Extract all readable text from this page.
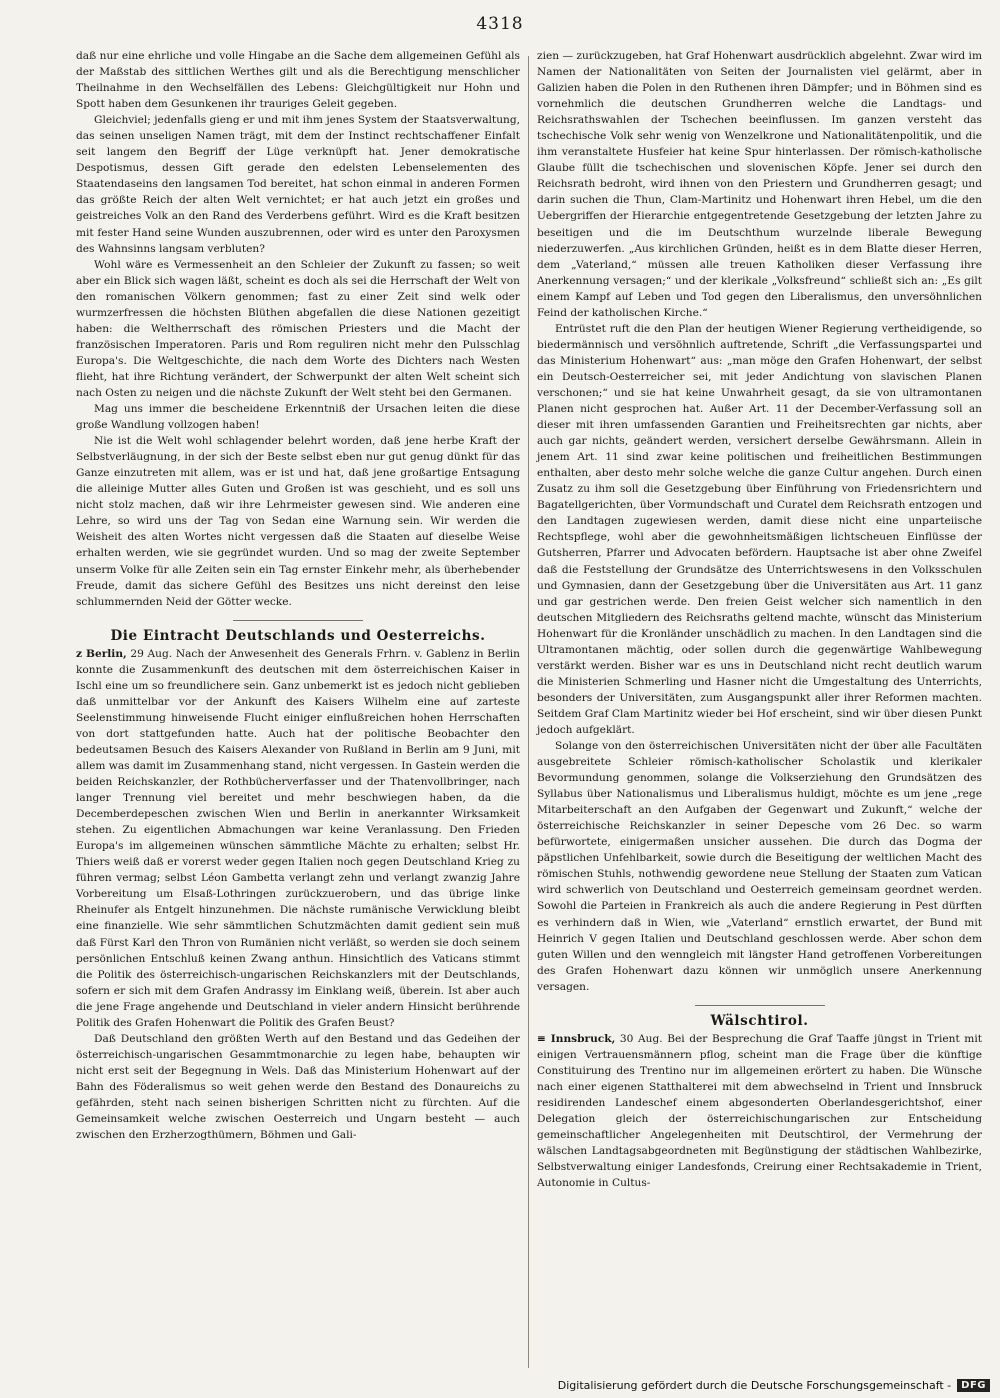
4318

daß nur eine ehrliche und volle Hingabe an die Sache dem allgemeinen Gefühl als der Maßstab des sittlichen Werthes gilt und als die Berechtigung menschlicher Theilnahme in den Wechselfällen des Lebens: Gleichgültigkeit nur Hohn und Spott haben dem Gesunkenen ihr trauriges Geleit gegeben.

Gleichviel; jedenfalls gieng er und mit ihm jenes System der Staatsverwaltung, das seinen unseligen Namen trägt, mit dem der Instinct rechtschaffener Einfalt seit langem den Begriff der Lüge verknüpft hat. Jener demokratische Despotismus, dessen Gift gerade den edelsten Lebenselementen des Staatendaseins den langsamen Tod bereitet, hat schon einmal in anderen Formen das größte Reich der alten Welt vernichtet; er hat auch jetzt ein großes und geistreiches Volk an den Rand des Verderbens geführt. Wird es die Kraft besitzen mit fester Hand seine Wunden auszubrennen, oder wird es unter den Paroxysmen des Wahnsinns langsam verbluten?

Wohl wäre es Vermessenheit an den Schleier der Zukunft zu fassen; so weit aber ein Blick sich wagen läßt, scheint es doch als sei die Herrschaft der Welt von den romanischen Völkern genommen; fast zu einer Zeit sind welk oder wurmzerfressen die höchsten Blüthen abgefallen die diese Nationen gezeitigt haben: die Weltherrschaft des römischen Priesters und die Macht der französischen Imperatoren. Paris und Rom reguliren nicht mehr den Pulsschlag Europa's. Die Weltgeschichte, die nach dem Worte des Dichters nach Westen flieht, hat ihre Richtung verändert, der Schwerpunkt der alten Welt scheint sich nach Osten zu neigen und die nächste Zukunft der Welt steht bei den Germanen.

Mag uns immer die bescheidene Erkenntniß der Ursachen leiten die diese große Wandlung vollzogen haben!

Nie ist die Welt wohl schlagender belehrt worden, daß jene herbe Kraft der Selbstverläugnung, in der sich der Beste selbst eben nur gut genug dünkt für das Ganze einzutreten mit allem, was er ist und hat, daß jene großartige Entsagung die alleinige Mutter alles Guten und Großen ist was geschieht, und es soll uns nicht stolz machen, daß wir ihre Lehrmeister gewesen sind. Wie anderen eine Lehre, so wird uns der Tag von Sedan eine Warnung sein. Wir werden die Weisheit des alten Wortes nicht vergessen daß die Staaten auf dieselbe Weise erhalten werden, wie sie gegründet wurden. Und so mag der zweite September unserm Volke für alle Zeiten sein ein Tag ernster Einkehr mehr, als überhebender Freude, damit das sichere Gefühl des Besitzes uns nicht dereinst den leise schlummernden Neid der Götter wecke.

Die Eintracht Deutschlands und Oesterreichs.

z Berlin, 29 Aug. Nach der Anwesenheit des Generals Frhrn. v. Gablenz in Berlin konnte die Zusammenkunft des deutschen mit dem österreichischen Kaiser in Ischl eine um so freundlichere sein. Ganz unbemerkt ist es jedoch nicht geblieben daß unmittelbar vor der Ankunft des Kaisers Wilhelm eine auf zarteste Seelenstimmung hinweisende Flucht einiger einflußreichen hohen Herrschaften von dort stattgefunden hatte. Auch hat der politische Beobachter den bedeutsamen Besuch des Kaisers Alexander von Rußland in Berlin am 9 Juni, mit allem was damit im Zusammenhang stand, nicht vergessen. In Gastein werden die beiden Reichskanzler, der Rothbücherverfasser und der Thatenvollbringer, nach langer Trennung viel bereitet und mehr beschwiegen haben, da die Decemberdepeschen zwischen Wien und Berlin in anerkannter Wirksamkeit stehen. Zu eigentlichen Abmachungen war keine Veranlassung. Den Frieden Europa's im allgemeinen wünschen sämmtliche Mächte zu erhalten; selbst Hr. Thiers weiß daß er vorerst weder gegen Italien noch gegen Deutschland Krieg zu führen vermag; selbst Léon Gambetta verlangt zehn und verlangt zwanzig Jahre Vorbereitung um Elsaß-Lothringen zurückzuerobern, und das übrige linke Rheinufer als Entgelt hinzunehmen. Die nächste rumänische Verwicklung bleibt eine finanzielle. Wie sehr sämmtlichen Schutzmächten damit gedient sein muß daß Fürst Karl den Thron von Rumänien nicht verläßt, so werden sie doch seinem persönlichen Entschluß keinen Zwang anthun. Hinsichtlich des Vaticans stimmt die Politik des österreichisch-ungarischen Reichskanzlers mit der Deutschlands, sofern er sich mit dem Grafen Andrassy im Einklang weiß, überein. Ist aber auch die jene Frage angehende und Deutschland in vieler andern Hinsicht berührende Politik des Grafen Hohenwart die Politik des Grafen Beust?

Daß Deutschland den größten Werth auf den Bestand und das Gedeihen der österreichisch-ungarischen Gesammtmonarchie zu legen habe, behaupten wir nicht erst seit der Begegnung in Wels. Daß das Ministerium Hohenwart auf der Bahn des Föderalismus so weit gehen werde den Bestand des Donaureichs zu gefährden, steht nach seinen bisherigen Schritten nicht zu fürchten. Auf die Gemeinsamkeit welche zwischen Oesterreich und Ungarn besteht — auch zwischen den Erzherzogthümern, Böhmen und Gali-

zien — zurückzugeben, hat Graf Hohenwart ausdrücklich abgelehnt. Zwar wird im Namen der Nationalitäten von Seiten der Journalisten viel gelärmt, aber in Galizien haben die Polen in den Ruthenen ihren Dämpfer; und in Böhmen sind es vornehmlich die deutschen Grundherren welche die Landtags- und Reichsrathswahlen der Tschechen beeinflussen. Im ganzen versteht das tschechische Volk sehr wenig von Wenzelkrone und Nationalitätenpolitik, und die ihm veranstaltete Husfeier hat keine Spur hinterlassen. Der römisch-katholische Glaube füllt die tschechischen und slovenischen Köpfe. Jener sei durch den Reichsrath bedroht, wird ihnen von den Priestern und Grundherren gesagt; und darin suchen die Thun, Clam-Martinitz und Hohenwart ihren Hebel, um die den Uebergriffen der Hierarchie entgegentretende Gesetzgebung der letzten Jahre zu beseitigen und die im Deutschthum wurzelnde liberale Bewegung niederzuwerfen. „Aus kirchlichen Gründen, heißt es in dem Blatte dieser Herren, dem „Vaterland,“ müssen alle treuen Katholiken dieser Verfassung ihre Anerkennung versagen;“ und der klerikale „Volksfreund“ schließt sich an: „Es gilt einem Kampf auf Leben und Tod gegen den Liberalismus, den unversöhnlichen Feind der katholischen Kirche.“

Entrüstet ruft die den Plan der heutigen Wiener Regierung vertheidigende, so biedermännisch und versöhnlich auftretende, Schrift „die Verfassungspartei und das Ministerium Hohenwart“ aus: „man möge den Grafen Hohenwart, der selbst ein Deutsch-Oesterreicher sei, mit jeder Andichtung von slavischen Planen verschonen;“ und sie hat keine Unwahrheit gesagt, da sie von ultramontanen Planen nicht gesprochen hat. Außer Art. 11 der December-Verfassung soll an dieser mit ihren umfassenden Garantien und Freiheitsrechten gar nichts, aber auch gar nichts, geändert werden, versichert derselbe Gewährsmann. Allein in jenem Art. 11 sind zwar keine politischen und freiheitlichen Bestimmungen enthalten, aber desto mehr solche welche die ganze Cultur angehen. Durch einen Zusatz zu ihm soll die Gesetzgebung über Einführung von Friedensrichtern und Bagatellgerichten, über Vormundschaft und Curatel dem Reichsrath entzogen und den Landtagen zugewiesen werden, damit diese nicht eine unparteiische Rechtspflege, wohl aber die gewohnheitsmäßigen lichtscheuen Einflüsse der Gutsherren, Pfarrer und Advocaten befördern. Hauptsache ist aber ohne Zweifel daß die Feststellung der Grundsätze des Unterrichtswesens in den Volksschulen und Gymnasien, dann der Gesetzgebung über die Universitäten aus Art. 11 ganz und gar gestrichen werde. Den freien Geist welcher sich namentlich in den deutschen Mitgliedern des Reichsraths geltend machte, wünscht das Ministerium Hohenwart für die Kronländer unschädlich zu machen. In den Landtagen sind die Ultramontanen mächtig, oder sollen durch die gegenwärtige Wahlbewegung verstärkt werden. Bisher war es uns in Deutschland nicht recht deutlich warum die Ministerien Schmerling und Hasner nicht die Umgestaltung des Unterrichts, besonders der Universitäten, zum Ausgangspunkt aller ihrer Reformen machten. Seitdem Graf Clam Martinitz wieder bei Hof erscheint, sind wir über diesen Punkt jedoch aufgeklärt.

Solange von den österreichischen Universitäten nicht der über alle Facultäten ausgebreitete Schleier römisch-katholischer Scholastik und klerikaler Bevormundung genommen, solange die Volkserziehung den Grundsätzen des Syllabus über Nationalismus und Liberalismus huldigt, möchte es um jene „rege Mitarbeiterschaft an den Aufgaben der Gegenwart und Zukunft,“ welche der österreichische Reichskanzler in seiner Depesche vom 26 Dec. so warm befürwortete, einigermaßen unsicher aussehen. Die durch das Dogma der päpstlichen Unfehlbarkeit, sowie durch die Beseitigung der weltlichen Macht des römischen Stuhls, nothwendig gewordene neue Stellung der Staaten zum Vatican wird schwerlich von Deutschland und Oesterreich gemeinsam geordnet werden. Sowohl die Parteien in Frankreich als auch die andere Regierung in Pest dürften es verhindern daß in Wien, wie „Vaterland“ ernstlich erwartet, der Bund mit Heinrich V gegen Italien und Deutschland geschlossen werde. Aber schon dem guten Willen und den wenngleich mit längster Hand getroffenen Vorbereitungen des Grafen Hohenwart dazu können wir unmöglich unsere Anerkennung versagen.

Wälschtirol.

≡ Innsbruck, 30 Aug. Bei der Besprechung die Graf Taaffe jüngst in Trient mit einigen Vertrauensmännern pflog, scheint man die Frage über die künftige Constituirung des Trentino nur im allgemeinen erörtert zu haben. Die Wünsche nach einer eigenen Statthalterei mit dem abwechselnd in Trient und Innsbruck residirenden Landeschef einem abgesonderten Oberlandesgerichtshof, einer Delegation gleich der österreichischungarischen zur Entscheidung gemeinschaftlicher Angelegenheiten mit Deutschtirol, der Vermehrung der wälschen Landtagsabgeordneten mit Begünstigung der städtischen Wahlbezirke, Selbstverwaltung einiger Landesfonds, Creirung einer Rechtsakademie in Trient, Autonomie in Cultus-

Digitalisierung gefördert durch die Deutsche Forschungsgemeinschaft -	DFG
